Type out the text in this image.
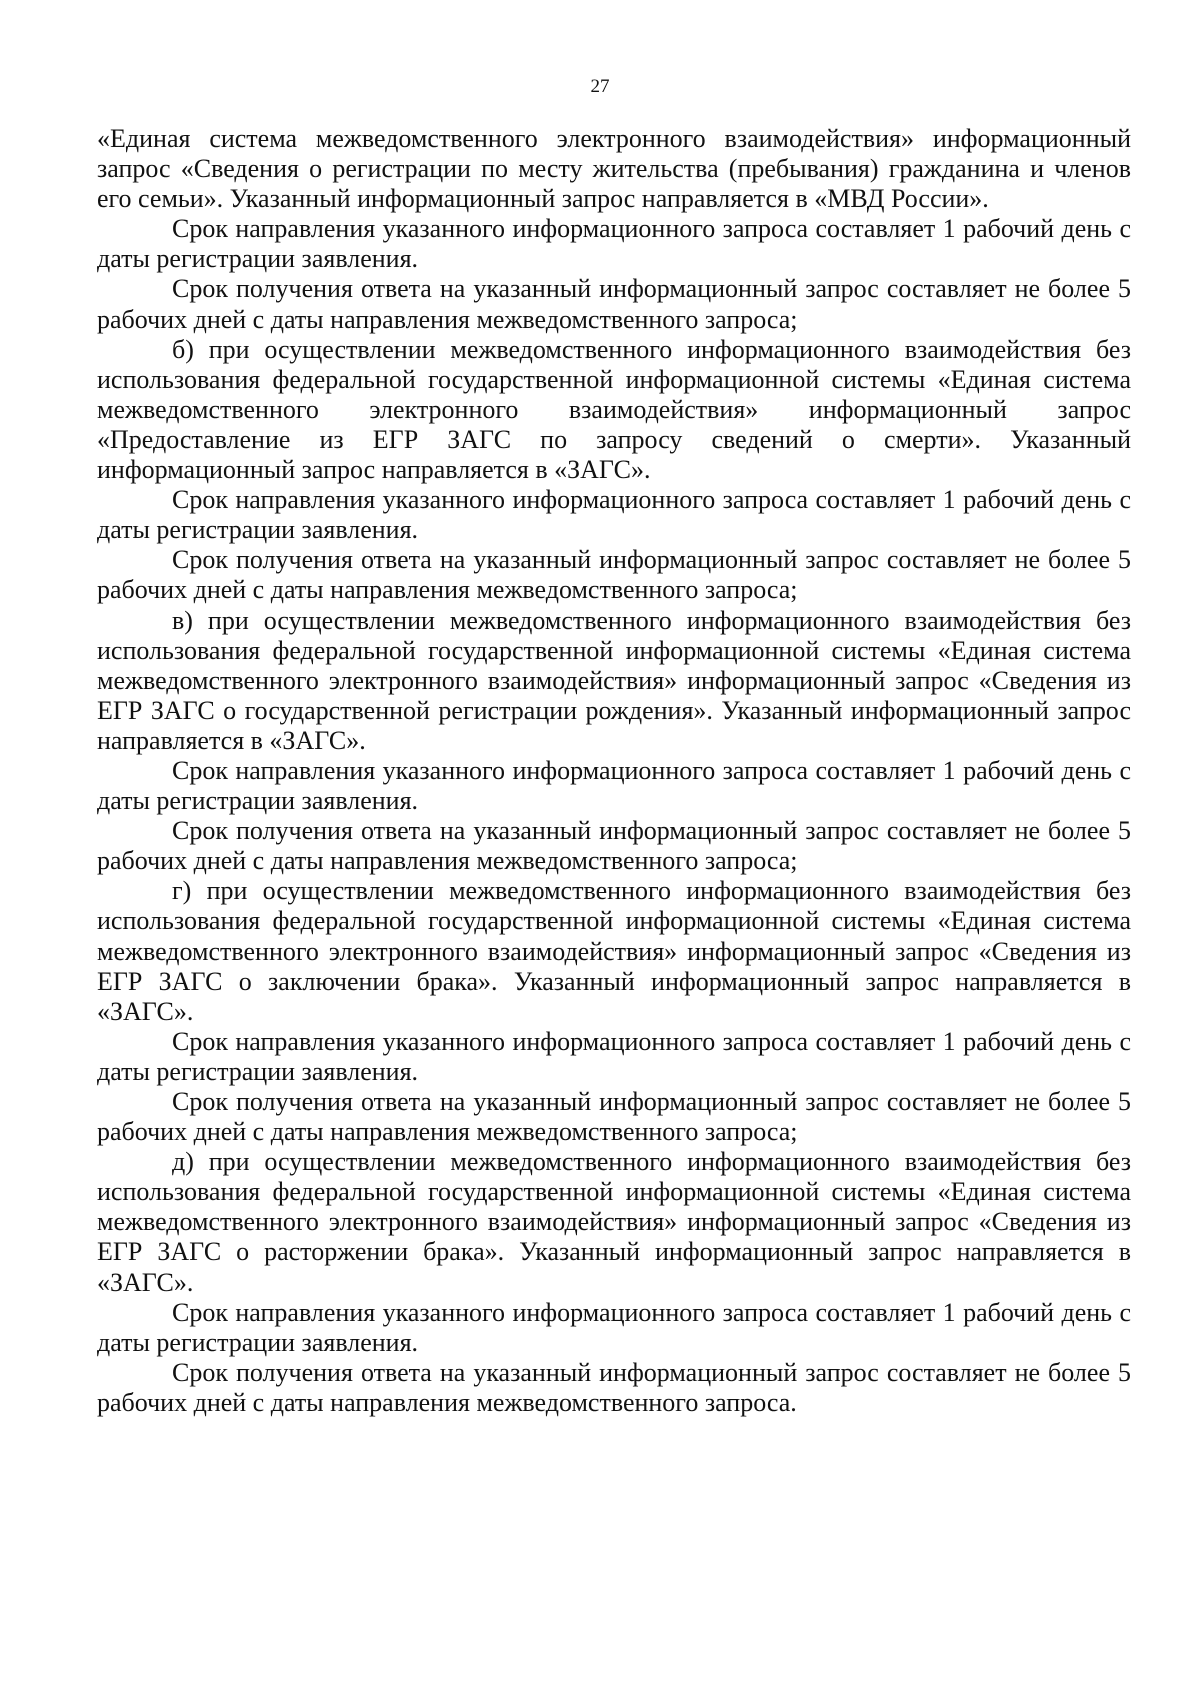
27

«Единая система межведомственного электронного взаимодействия» информационный запрос «Сведения о регистрации по месту жительства (пребывания) гражданина и членов его семьи». Указанный информационный запрос направляется в «МВД России».

Срок направления указанного информационного запроса составляет 1 рабочий день с даты регистрации заявления.

Срок получения ответа на указанный информационный запрос составляет не более 5 рабочих дней с даты направления межведомственного запроса;

б) при осуществлении межведомственного информационного взаимодействия без использования федеральной государственной информационной системы «Единая система межведомственного электронного взаимодействия» информационный запрос «Предоставление из ЕГР ЗАГС по запросу сведений о смерти». Указанный информационный запрос направляется в «ЗАГС».

Срок направления указанного информационного запроса составляет 1 рабочий день с даты регистрации заявления.

Срок получения ответа на указанный информационный запрос составляет не более 5 рабочих дней с даты направления межведомственного запроса;

в) при осуществлении межведомственного информационного взаимодействия без использования федеральной государственной информационной системы «Единая система межведомственного электронного взаимодействия» информационный запрос «Сведения из ЕГР ЗАГС о государственной регистрации рождения». Указанный информационный запрос направляется в «ЗАГС».

Срок направления указанного информационного запроса составляет 1 рабочий день с даты регистрации заявления.

Срок получения ответа на указанный информационный запрос составляет не более 5 рабочих дней с даты направления межведомственного запроса;

г) при осуществлении межведомственного информационного взаимодействия без использования федеральной государственной информационной системы «Единая система межведомственного электронного взаимодействия» информационный запрос «Сведения из ЕГР ЗАГС о заключении брака». Указанный информационный запрос направляется в «ЗАГС».

Срок направления указанного информационного запроса составляет 1 рабочий день с даты регистрации заявления.

Срок получения ответа на указанный информационный запрос составляет не более 5 рабочих дней с даты направления межведомственного запроса;

д) при осуществлении межведомственного информационного взаимодействия без использования федеральной государственной информационной системы «Единая система межведомственного электронного взаимодействия» информационный запрос «Сведения из ЕГР ЗАГС о расторжении брака». Указанный информационный запрос направляется в «ЗАГС».

Срок направления указанного информационного запроса составляет 1 рабочий день с даты регистрации заявления.

Срок получения ответа на указанный информационный запрос составляет не более 5 рабочих дней с даты направления межведомственного запроса.
